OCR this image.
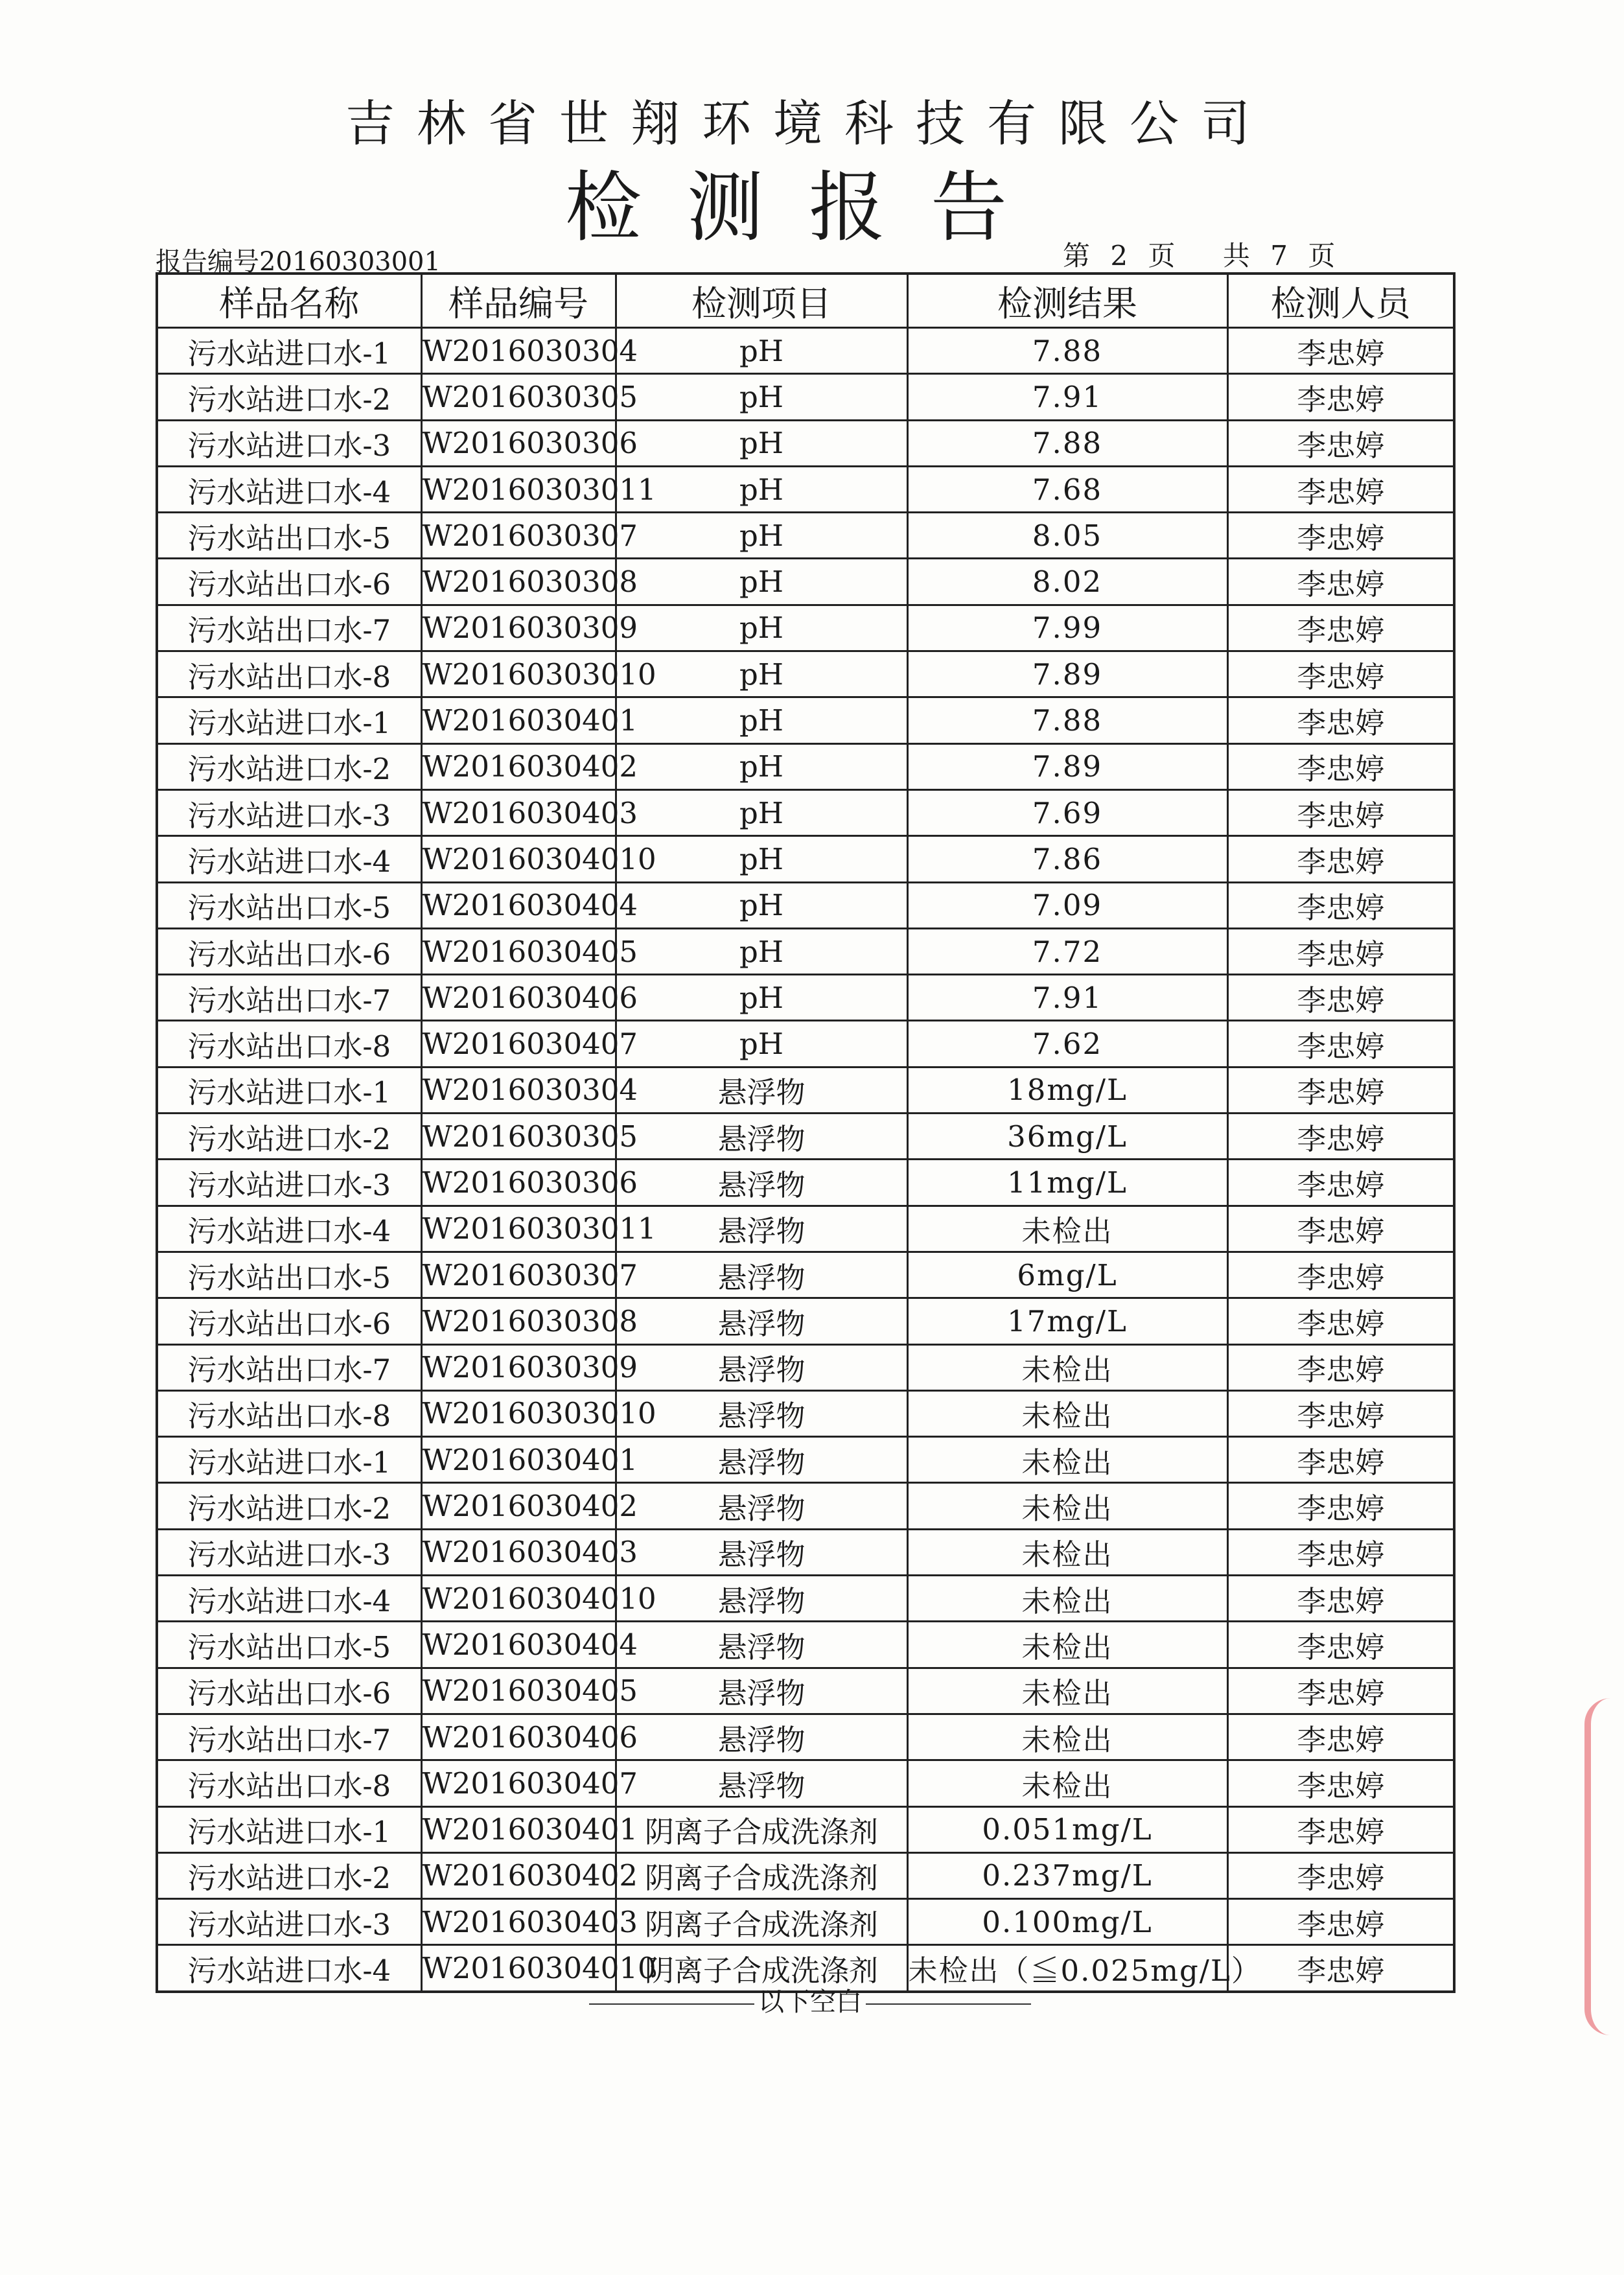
吉林省世翔环境科技有限公司
检测报告
报告编号20160303001	第 2 页 共 7 页
样品名称	样品编号	检测项目	检测结果	检测人员
污水站进口水-1	W2016030304	pH	7.88	李忠婷
污水站进口水-2	W2016030305	pH	7.91	李忠婷
污水站进口水-3	W2016030306	pH	7.88	李忠婷
污水站进口水-4	W20160303011	pH	7.68	李忠婷
污水站出口水-5	W2016030307	pH	8.05	李忠婷
污水站出口水-6	W2016030308	pH	8.02	李忠婷
污水站出口水-7	W2016030309	pH	7.99	李忠婷
污水站出口水-8	W20160303010	pH	7.89	李忠婷
污水站进口水-1	W2016030401	pH	7.88	李忠婷
污水站进口水-2	W2016030402	pH	7.89	李忠婷
污水站进口水-3	W2016030403	pH	7.69	李忠婷
污水站进口水-4	W20160304010	pH	7.86	李忠婷
污水站出口水-5	W2016030404	pH	7.09	李忠婷
污水站出口水-6	W2016030405	pH	7.72	李忠婷
污水站出口水-7	W2016030406	pH	7.91	李忠婷
污水站出口水-8	W2016030407	pH	7.62	李忠婷
污水站进口水-1	W2016030304	悬浮物	18mg/L	李忠婷
污水站进口水-2	W2016030305	悬浮物	36mg/L	李忠婷
污水站进口水-3	W2016030306	悬浮物	11mg/L	李忠婷
污水站进口水-4	W20160303011	悬浮物	未检出	李忠婷
污水站出口水-5	W2016030307	悬浮物	6mg/L	李忠婷
污水站出口水-6	W2016030308	悬浮物	17mg/L	李忠婷
污水站出口水-7	W2016030309	悬浮物	未检出	李忠婷
污水站出口水-8	W20160303010	悬浮物	未检出	李忠婷
污水站进口水-1	W2016030401	悬浮物	未检出	李忠婷
污水站进口水-2	W2016030402	悬浮物	未检出	李忠婷
污水站进口水-3	W2016030403	悬浮物	未检出	李忠婷
污水站进口水-4	W20160304010	悬浮物	未检出	李忠婷
污水站出口水-5	W2016030404	悬浮物	未检出	李忠婷
污水站出口水-6	W2016030405	悬浮物	未检出	李忠婷
污水站出口水-7	W2016030406	悬浮物	未检出	李忠婷
污水站出口水-8	W2016030407	悬浮物	未检出	李忠婷
污水站进口水-1	W2016030401	阴离子合成洗涤剂	0.051mg/L	李忠婷
污水站进口水-2	W2016030402	阴离子合成洗涤剂	0.237mg/L	李忠婷
污水站进口水-3	W2016030403	阴离子合成洗涤剂	0.100mg/L	李忠婷
污水站进口水-4	W20160304010	阴离子合成洗涤剂	未检出（≦0.025mg/L）	李忠婷
以下空白
